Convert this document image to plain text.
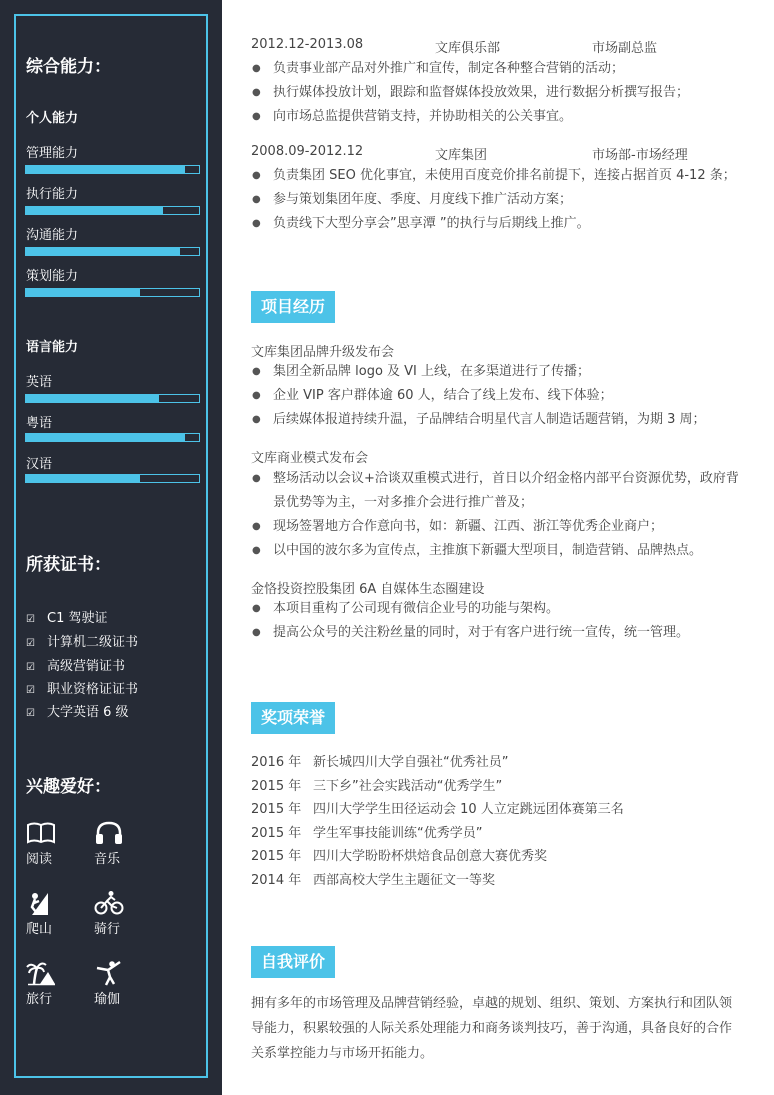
综合能力：
个人能力
管理能力
执行能力
沟通能力
策划能力
语言能力
英语
粤语
汉语
所获证书：
☑ C1 驾驶证
☑ 计算机二级证书
☑ 高级营销证书
☑ 职业资格证证书
☑ 大学英语 6 级
兴趣爱好：
阅读	音乐
爬山	骑行
旅行	瑜伽
2012.12-2013.08	文库俱乐部	市场副总监
● 负责事业部产品对外推广和宣传，制定各种整合营销的活动；
● 执行媒体投放计划，跟踪和监督媒体投放效果，进行数据分析撰写报告；
● 向市场总监提供营销支持，并协助相关的公关事宜。
2008.09-2012.12	文库集团	市场部-市场经理
● 负责集团 SEO 优化事宜，未使用百度竞价排名前提下，连接占据首页 4-12 条；
● 参与策划集团年度、季度、月度线下推广活动方案；
● 负责线下大型分享会”思享潭 ”的执行与后期线上推广。
项目经历
文库集团品牌升级发布会
● 集团全新品牌 logo 及 VI 上线，在多渠道进行了传播；
● 企业 VIP 客户群体逾 60 人，结合了线上发布、线下体验；
● 后续媒体报道持续升温，子品牌结合明星代言人制造话题营销，为期 3 周；
文库商业模式发布会
● 整场活动以会议+洽谈双重模式进行，首日以介绍金格内部平台资源优势，政府背景优势等为主，一对多推介会进行推广普及；
● 现场签署地方合作意向书，如：新疆、江西、浙江等优秀企业商户；
● 以中国的波尔多为宣传点，主推旗下新疆大型项目，制造营销、品牌热点。
金恪投资控股集团 6A 自媒体生态圈建设
● 本项目重构了公司现有微信企业号的功能与架构。
● 提高公众号的关注粉丝量的同时，对于有客户进行统一宣传，统一管理。
奖项荣誉
2016 年 新长城四川大学自强社“优秀社员”
2015 年 三下乡”社会实践活动“优秀学生”
2015 年 四川大学学生田径运动会 10 人立定跳远团体赛第三名
2015 年 学生军事技能训练“优秀学员”
2015 年 四川大学盼盼杯烘焙食品创意大赛优秀奖
2014 年 西部高校大学生主题征文一等奖
自我评价

拥有多年的市场管理及品牌营销经验，卓越的规划、组织、策划、方案执行和团队领导能力，积累较强的人际关系处理能力和商务谈判技巧，善于沟通，具备良好的合作关系掌控能力与市场开拓能力。
